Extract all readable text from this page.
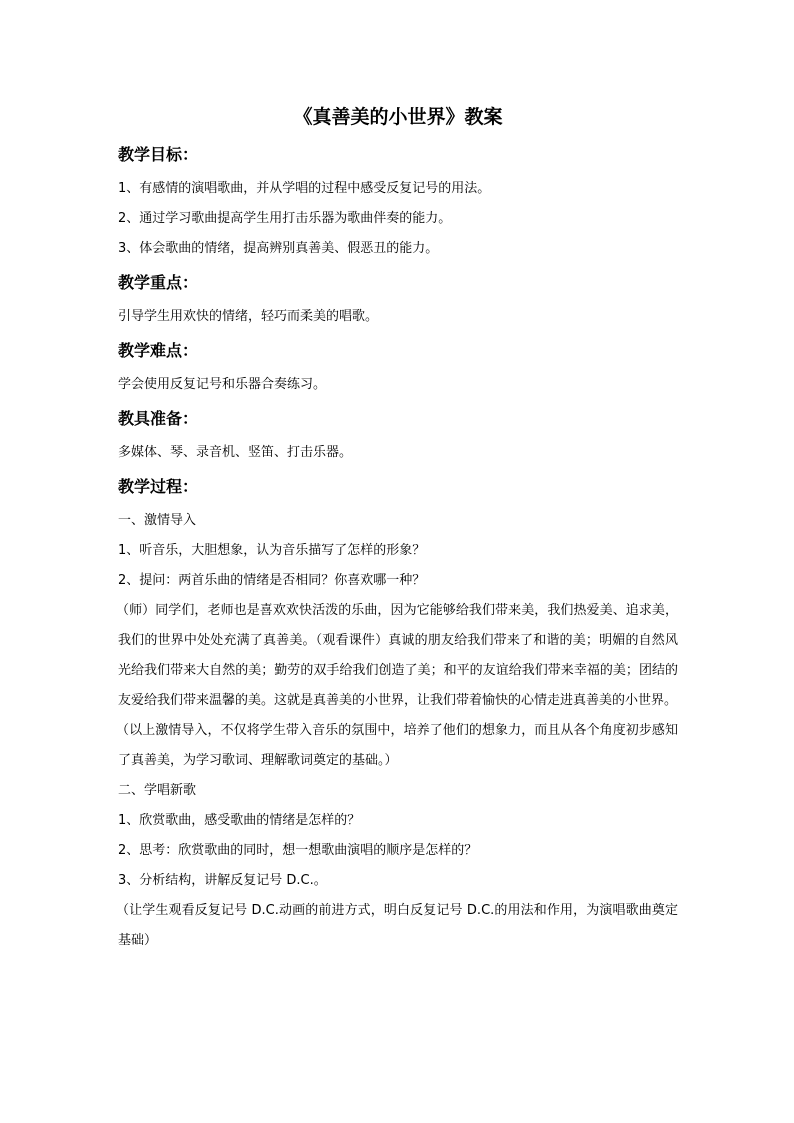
《真善美的小世界》教案
教学目标：

1、有感情的演唱歌曲，并从学唱的过程中感受反复记号的用法。

2、通过学习歌曲提高学生用打击乐器为歌曲伴奏的能力。

3、体会歌曲的情绪，提高辨别真善美、假恶丑的能力。

教学重点：

引导学生用欢快的情绪，轻巧而柔美的唱歌。

教学难点：

学会使用反复记号和乐器合奏练习。

教具准备：

多媒体、琴、录音机、竖笛、打击乐器。

教学过程：

一、激情导入

1、听音乐，大胆想象，认为音乐描写了怎样的形象？

2、提问：两首乐曲的情绪是否相同？你喜欢哪一种？

（师）同学们，老师也是喜欢欢快活泼的乐曲，因为它能够给我们带来美，我们热爱美、追求美，我们的世界中处处充满了真善美。（观看课件）真诚的朋友给我们带来了和谐的美；明媚的自然风光给我们带来大自然的美；勤劳的双手给我们创造了美；和平的友谊给我们带来幸福的美；团结的友爱给我们带来温馨的美。这就是真善美的小世界，让我们带着愉快的心情走进真善美的小世界。

（以上激情导入，不仅将学生带入音乐的氛围中，培养了他们的想象力，而且从各个角度初步感知了真善美，为学习歌词、理解歌词奠定的基础。）

二、学唱新歌

1、欣赏歌曲，感受歌曲的情绪是怎样的？

2、思考：欣赏歌曲的同时，想一想歌曲演唱的顺序是怎样的？

3、分析结构，讲解反复记号 D.C.。

（让学生观看反复记号 D.C.动画的前进方式，明白反复记号 D.C.的用法和作用，为演唱歌曲奠定基础）
